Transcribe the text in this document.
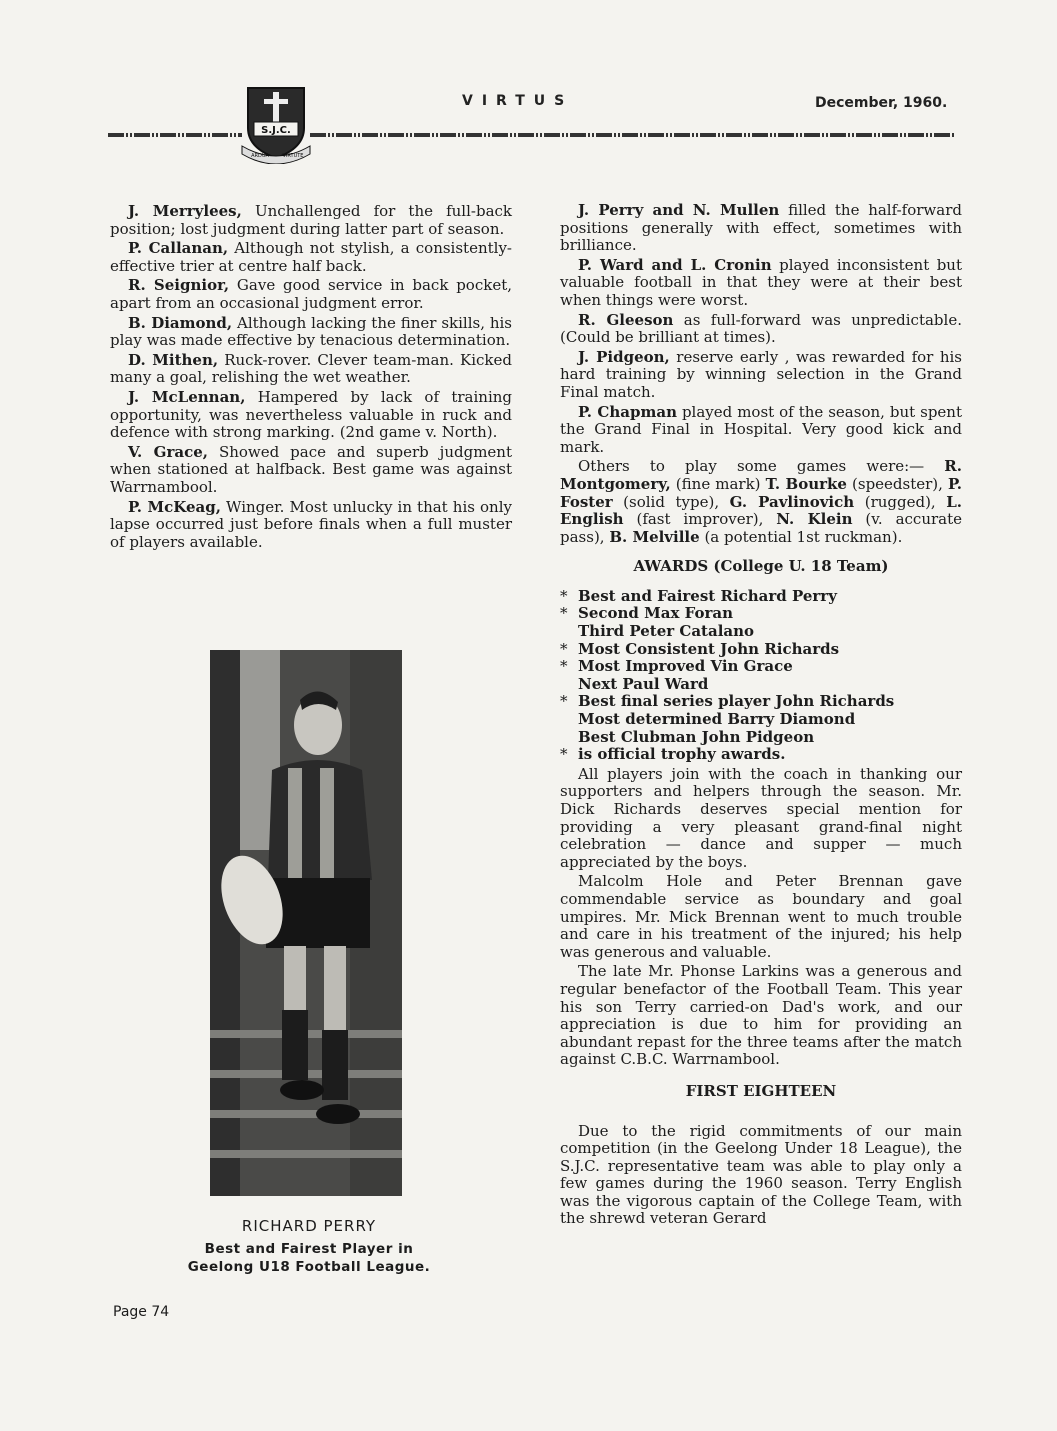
S.J.C.
ARDUA	VIRTUTE
VIRTUS	December, 1960.

J. Merrylees, Unchallenged for the full-back position; lost judgment during latter part of season.

P. Callanan, Although not stylish, a consistently-effective trier at centre half back.

R. Seignior, Gave good service in back pocket, apart from an occasional judgment error.

B. Diamond, Although lacking the finer skills, his play was made effective by tenacious determination.

D. Mithen, Ruck-rover. Clever team-man. Kicked many a goal, relishing the wet weather.

J. McLennan, Hampered by lack of training opportunity, was nevertheless valuable in ruck and defence with strong marking. (2nd game v. North).

V. Grace, Showed pace and superb judgment when stationed at halfback. Best game was against Warrnambool.

P. McKeag, Winger. Most unlucky in that his only lapse occurred just before finals when a full muster of players available.

RICHARD PERRY
Best and Fairest Player in
Geelong U18 Football League.

J. Perry and N. Mullen filled the half-forward positions generally with effect, sometimes with brilliance.

P. Ward and L. Cronin played inconsistent but valuable football in that they were at their best when things were worst.

R. Gleeson as full-forward was unpredictable. (Could be brilliant at times).

J. Pidgeon, reserve early , was rewarded for his hard training by winning selection in the Grand Final match.

P. Chapman played most of the season, but spent the Grand Final in Hospital. Very good kick and mark.

Others to play some games were:— R. Montgomery, (fine mark) T. Bourke (speedster), P. Foster (solid type), G. Pavlinovich (rugged), L. English (fast improver), N. Klein (v. accurate pass), B. Melville (a potential 1st ruckman).

AWARDS (College U. 18 Team)
* Best and Fairest Richard Perry
* Second Max Foran
Third Peter Catalano
* Most Consistent John Richards
* Most Improved Vin Grace
Next Paul Ward
* Best final series player John Richards
Most determined Barry Diamond
Best Clubman John Pidgeon
* is official trophy awards.

All players join with the coach in thanking our supporters and helpers through the season. Mr. Dick Richards deserves special mention for providing a very pleasant grand-final night celebration — dance and supper — much appreciated by the boys.

Malcolm Hole and Peter Brennan gave commendable service as boundary and goal umpires. Mr. Mick Brennan went to much trouble and care in his treatment of the injured; his help was generous and valuable.

The late Mr. Phonse Larkins was a generous and regular benefactor of the Football Team. This year his son Terry carried-on Dad's work, and our appreciation is due to him for providing an abundant repast for the three teams after the match against C.B.C. Warrnambool.

FIRST EIGHTEEN

Due to the rigid commitments of our main competition (in the Geelong Under 18 League), the S.J.C. representative team was able to play only a few games during the 1960 season. Terry English was the vigorous captain of the College Team, with the shrewd veteran Gerard

Page 74
